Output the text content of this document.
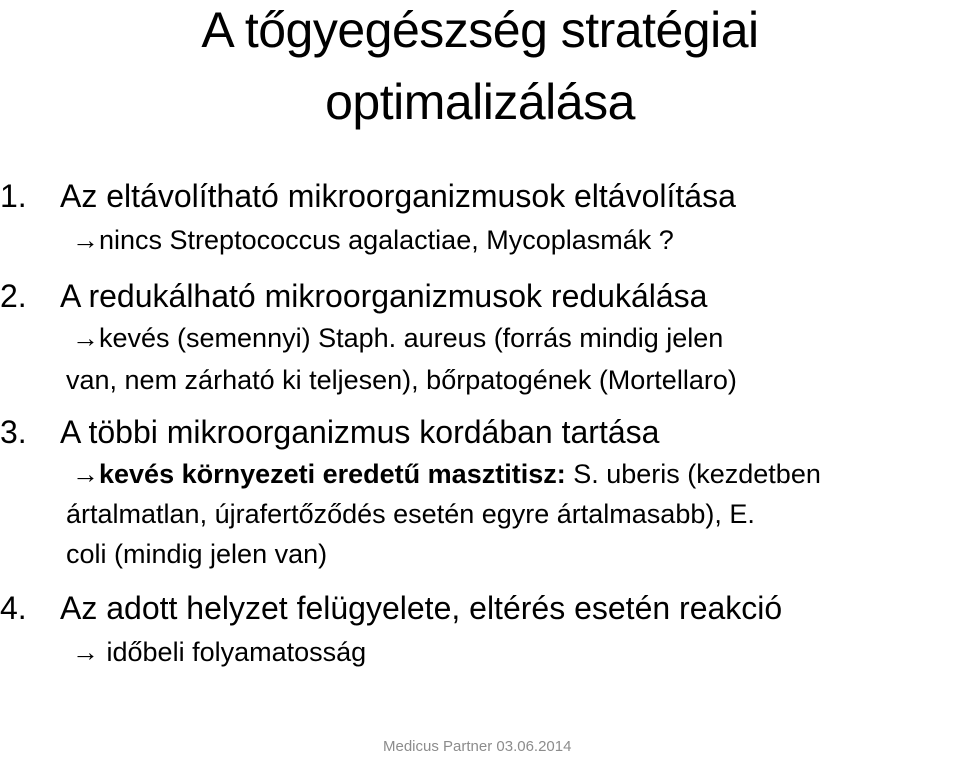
A tőgyegészség stratégiai
optimalizálása
1. Az eltávolítható mikroorganizmusok eltávolítása
→nincs Streptococcus agalactiae, Mycoplasmák ?
2. A redukálható mikroorganizmusok redukálása
→kevés (semennyi) Staph. aureus (forrás mindig jelen
van, nem zárható ki teljesen), bőrpatogének (Mortellaro)
3. A többi mikroorganizmus kordában tartása
→kevés környezeti eredetű masztitisz: S. uberis (kezdetben
ártalmatlan, újrafertőződés esetén egyre ártalmasabb), E.
coli (mindig jelen van)
4. Az adott helyzet felügyelete, eltérés esetén reakció
→ időbeli folyamatosság
Medicus Partner 03.06.2014
